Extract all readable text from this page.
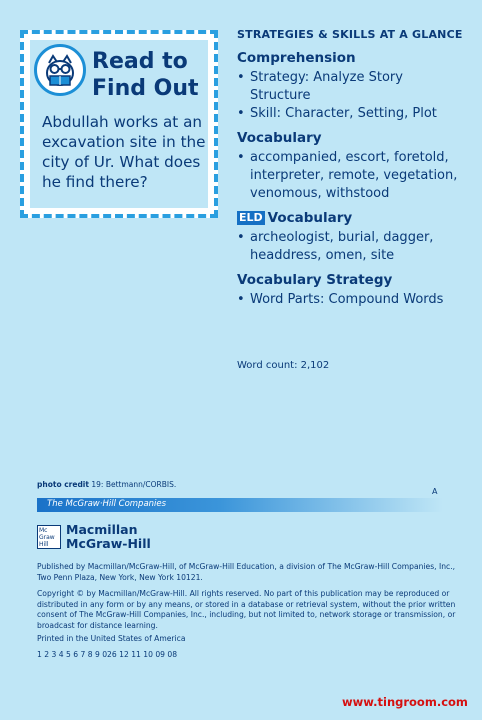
Read to
Find Out
Abdullah works at an excavation site in the city of Ur. What does he find there?
STRATEGIES & SKILLS AT A GLANCE
Comprehension
• Strategy: Analyze Story Structure
• Skill: Character, Setting, Plot
Vocabulary
• accompanied, escort, foretold, interpreter, remote, vegetation, venomous, withstood
ELD Vocabulary
• archeologist, burial, dagger, headdress, omen, site
Vocabulary Strategy
• Word Parts: Compound Words
Word count: 2,102
photo credit 19: Bettmann/CORBIS.
A
The McGraw·Hill Companies
Mc
Graw
Hill
Macmillan
McGraw-Hill
Published by Macmillan/McGraw-Hill, of McGraw-Hill Education, a division of The McGraw-Hill Companies, Inc., Two Penn Plaza, New York, New York 10121.
Copyright © by Macmillan/McGraw-Hill. All rights reserved. No part of this publication may be reproduced or distributed in any form or by any means, or stored in a database or retrieval system, without the prior written consent of The McGraw-Hill Companies, Inc., including, but not limited to, network storage or transmission, or broadcast for distance learning.
Printed in the United States of America
1 2 3 4 5 6 7 8 9 026 12 11 10 09 08
www.tingroom.com
